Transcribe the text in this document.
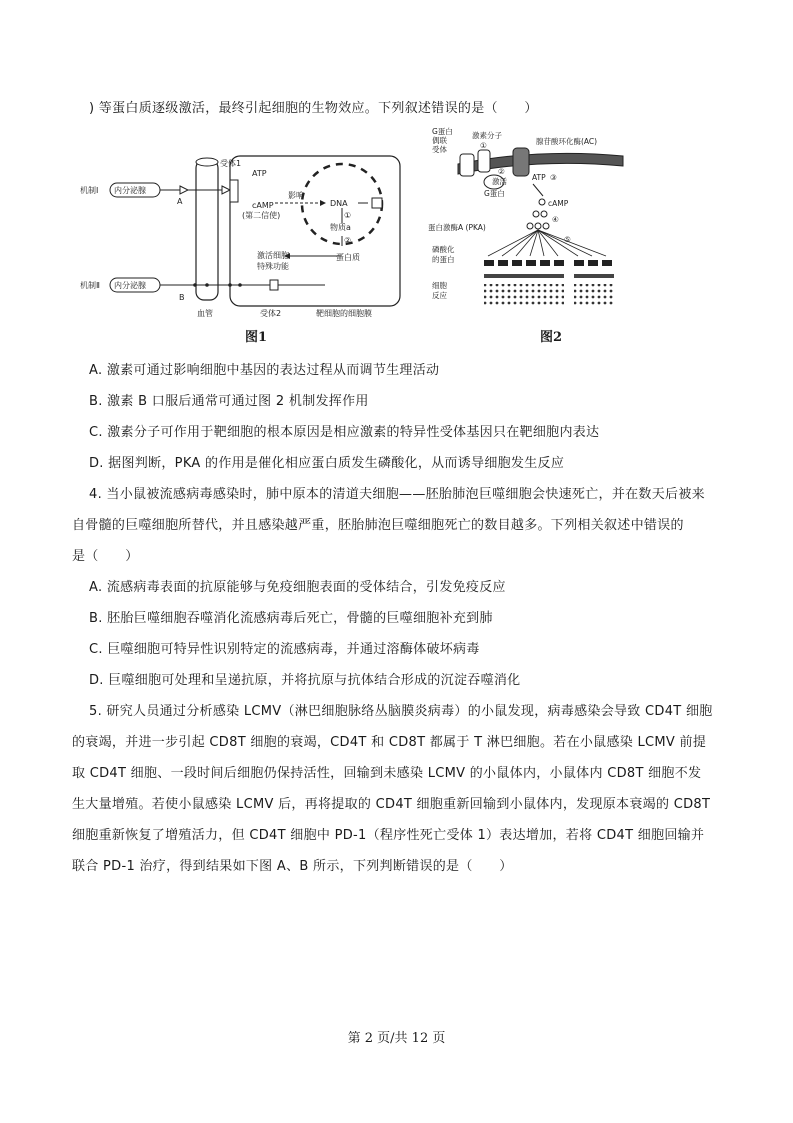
) 等蛋白质逐级激活，最终引起细胞的生物效应。下列叙述错误的是（　　）
机制Ⅰ 内分泌腺
A
机制Ⅱ 内分泌腺
B
受体1
ATP
cAMP
(第二信使)
影响
DNA
①
物质a
②
蛋白质
激活细胞
特殊功能
血管	受体2	靶细胞的细胞膜
图1
G蛋白
偶联
受体
激素分子
①
②
激活
G蛋白
腺苷酸环化酶(AC)
ATP ③
cAMP
④
蛋白激酶A (PKA)
⑤
磷酸化
的蛋白
细胞
反应
图2
A. 激素可通过影响细胞中基因的表达过程从而调节生理活动
B. 激素 B 口服后通常可通过图 2 机制发挥作用
C. 激素分子可作用于靶细胞的根本原因是相应激素的特异性受体基因只在靶细胞内表达
D. 据图判断，PKA 的作用是催化相应蛋白质发生磷酸化，从而诱导细胞发生反应
4. 当小鼠被流感病毒感染时，肺中原本的清道夫细胞——胚胎肺泡巨噬细胞会快速死亡，并在数天后被来
自骨髓的巨噬细胞所替代，并且感染越严重，胚胎肺泡巨噬细胞死亡的数目越多。下列相关叙述中错误的
是（　　）
A. 流感病毒表面的抗原能够与免疫细胞表面的受体结合，引发免疫反应
B. 胚胎巨噬细胞吞噬消化流感病毒后死亡，骨髓的巨噬细胞补充到肺
C. 巨噬细胞可特异性识别特定的流感病毒，并通过溶酶体破坏病毒
D. 巨噬细胞可处理和呈递抗原，并将抗原与抗体结合形成的沉淀吞噬消化
5. 研究人员通过分析感染 LCMV（淋巴细胞脉络丛脑膜炎病毒）的小鼠发现，病毒感染会导致 CD4T 细胞
的衰竭，并进一步引起 CD8T 细胞的衰竭，CD4T 和 CD8T 都属于 T 淋巴细胞。若在小鼠感染 LCMV 前提
取 CD4T 细胞、一段时间后细胞仍保持活性，回输到未感染 LCMV 的小鼠体内，小鼠体内 CD8T 细胞不发
生大量增殖。若使小鼠感染 LCMV 后，再将提取的 CD4T 细胞重新回输到小鼠体内，发现原本衰竭的 CD8T
细胞重新恢复了增殖活力，但 CD4T 细胞中 PD-1（程序性死亡受体 1）表达增加，若将 CD4T 细胞回输并
联合 PD-1 治疗，得到结果如下图 A、B 所示，下列判断错误的是（　　）
第 2 页/共 12 页
